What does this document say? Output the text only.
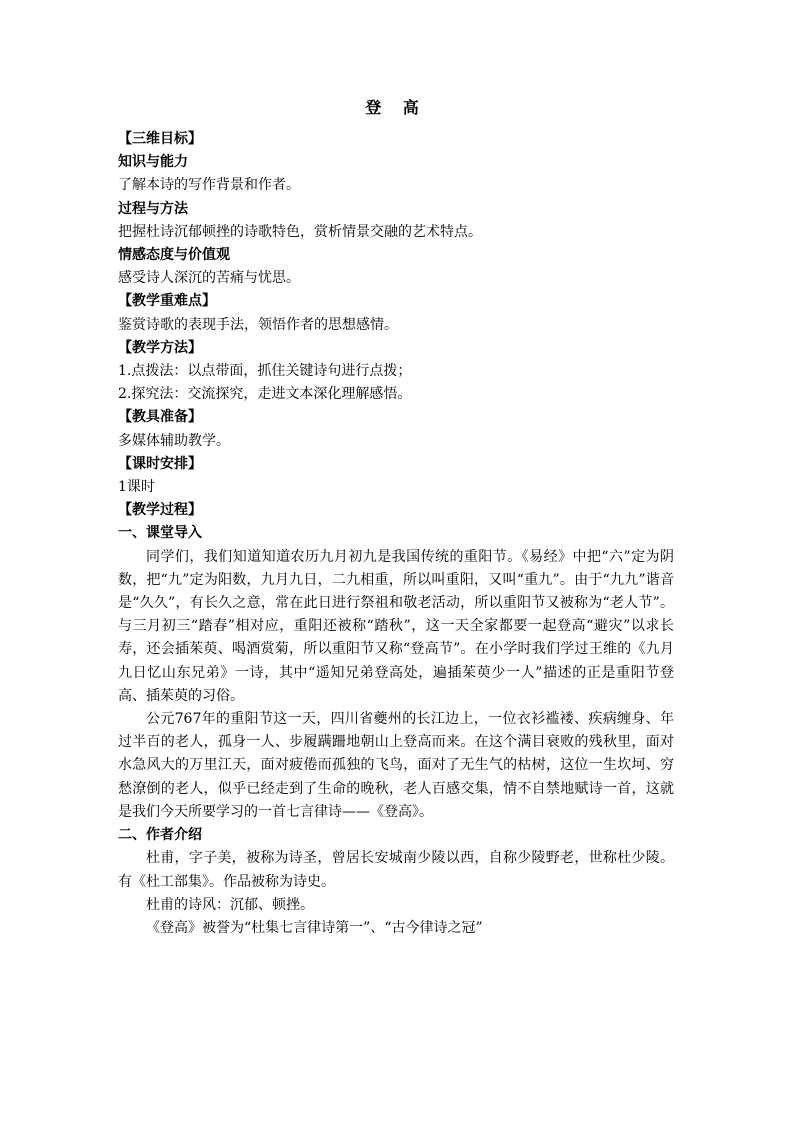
登 高
【三维目标】
知识与能力
了解本诗的写作背景和作者。
过程与方法
把握杜诗沉郁顿挫的诗歌特色，赏析情景交融的艺术特点。
情感态度与价值观
感受诗人深沉的苦痛与忧思。
【教学重难点】
鉴赏诗歌的表现手法，领悟作者的思想感情。
【教学方法】
1.点拨法：以点带面，抓住关键诗句进行点拨；
2.探究法：交流探究，走进文本深化理解感悟。
【教具准备】
多媒体辅助教学。
【课时安排】
1课时
【教学过程】
一、课堂导入

同学们，我们知道知道农历九月初九是我国传统的重阳节。《易经》中把“六”定为阴数，把“九”定为阳数，九月九日，二九相重，所以叫重阳，又叫“重九”。由于“九九”谐音是“久久”，有长久之意，常在此日进行祭祖和敬老活动，所以重阳节又被称为“老人节”。与三月初三“踏春”相对应，重阳还被称“踏秋”，这一天全家都要一起登高“避灾”以求长寿，还会插茱萸、喝酒赏菊，所以重阳节又称“登高节”。在小学时我们学过王维的《九月九日忆山东兄弟》一诗，其中“遥知兄弟登高处，遍插茱萸少一人”描述的正是重阳节登高、插茱萸的习俗。

公元767年的重阳节这一天，四川省夔州的长江边上，一位衣衫褴褛、疾病缠身、年过半百的老人，孤身一人、步履蹒跚地朝山上登高而来。在这个满目衰败的残秋里，面对水急风大的万里江天，面对疲倦而孤独的飞鸟，面对了无生气的枯树，这位一生坎坷、穷愁潦倒的老人，似乎已经走到了生命的晚秋，老人百感交集，情不自禁地赋诗一首，这就是我们今天所要学习的一首七言律诗——《登高》。

二、作者介绍

杜甫，字子美，被称为诗圣，曾居长安城南少陵以西，自称少陵野老，世称杜少陵。有《杜工部集》。作品被称为诗史。

杜甫的诗风：沉郁、顿挫。

《登高》被誉为“杜集七言律诗第一”、“古今律诗之冠”
